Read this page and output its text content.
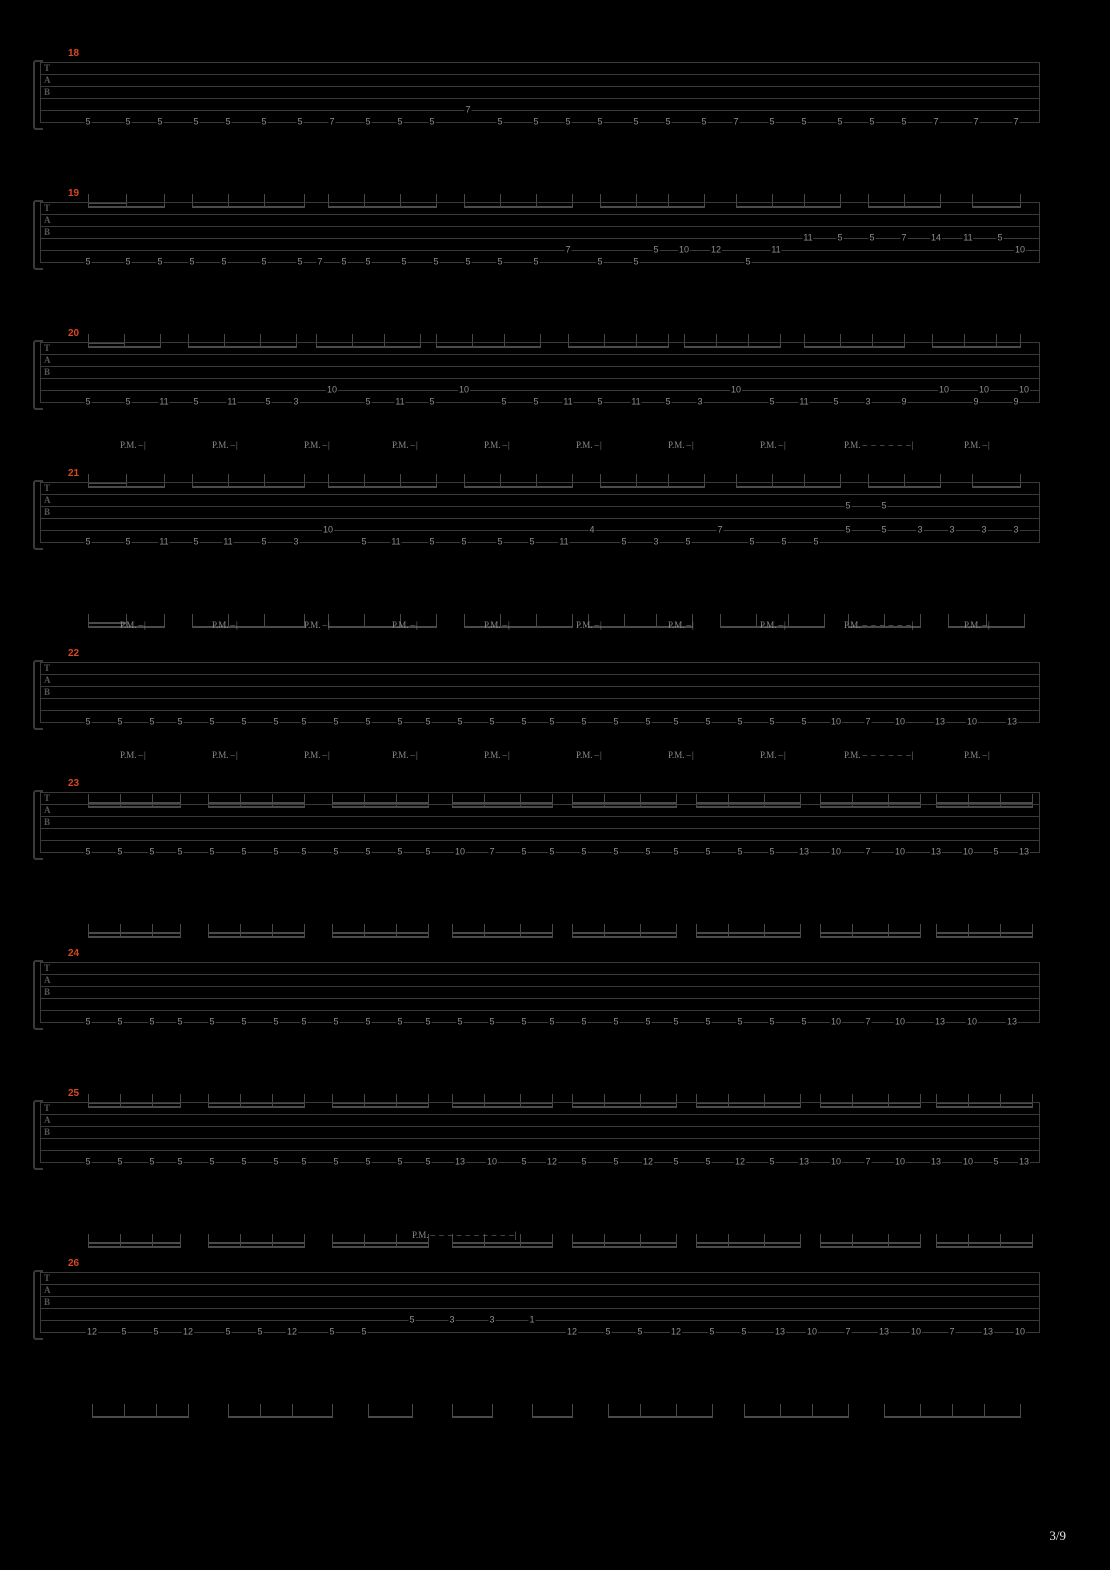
18
T
A
B
5	5	5	5	5	5	5	7	5	5	5
7
5	5	5	5	5	5	5	7	5	5	5	5	5	7	7	7
19
T
A
B
5	5	5	5	5	5	5 7 5 5	5	5	5	5	5
7
5	5
5 10 12
5
11
11	5	5	7	14 11	5
10
20
T
A
B
5	5	11	5	11	5	3
10
5	11	5
10
5	5	11	5	11	5	3
10
5	11	5	3	9
10
9
10
9
10
21
T
A
B
5	5	11	5	11	5	3
10
5	11	5	5	5	5	11
4
5	3	5
7
5	5	5
5
5
5
5	3	3	3	3
P.M. –|	P.M. –|	P.M. –|	P.M. –|	P.M. –|	P.M. –|	P.M. –|	P.M. –|	P.M. – – – – – –|	P.M. –|
22
T
A
B
5	5	5	5	5	5	5	5	5	5	5	5	5	5	5	5	5	5	5	5	5	5	5	5	10	7	10	13 10	13
P.M. –|	P.M. –|	P.M. –|	P.M. –|	P.M. –|	P.M. –|	P.M. –|	P.M. –|	P.M. – – – – – –|	P.M. –|
23
T
A
B
5	5	5	5	5	5	5	5	5	5	5	5	10	7	5	5	5	5	5	5	5	5	5	13 10	7	10	13 10 5 13
P.M. –|	P.M. –|	P.M. –|	P.M. –|	P.M. –|	P.M. –|	P.M. –|	P.M. –|	P.M. – – – – – –|	P.M. –|
24
T
A
B
5	5	5	5	5	5	5	5	5	5	5	5	5	5	5	5	5	5	5	5	5	5	5	5	10	7	10	13 10	13
25
T
A
B
5	5	5	5	5	5	5	5	5	5	5	5	13 10	5 12	5	5	12 5	5	12	5	13 10	7	10	13 10 5 13
26
T
A
B
12	5	5	12	5	5	12	5	5
5	3	3	1
12	5	5	12	5	5	13 10	7	13 10	7	13 10
P.M. – – – – – – – – – –|
3/9
